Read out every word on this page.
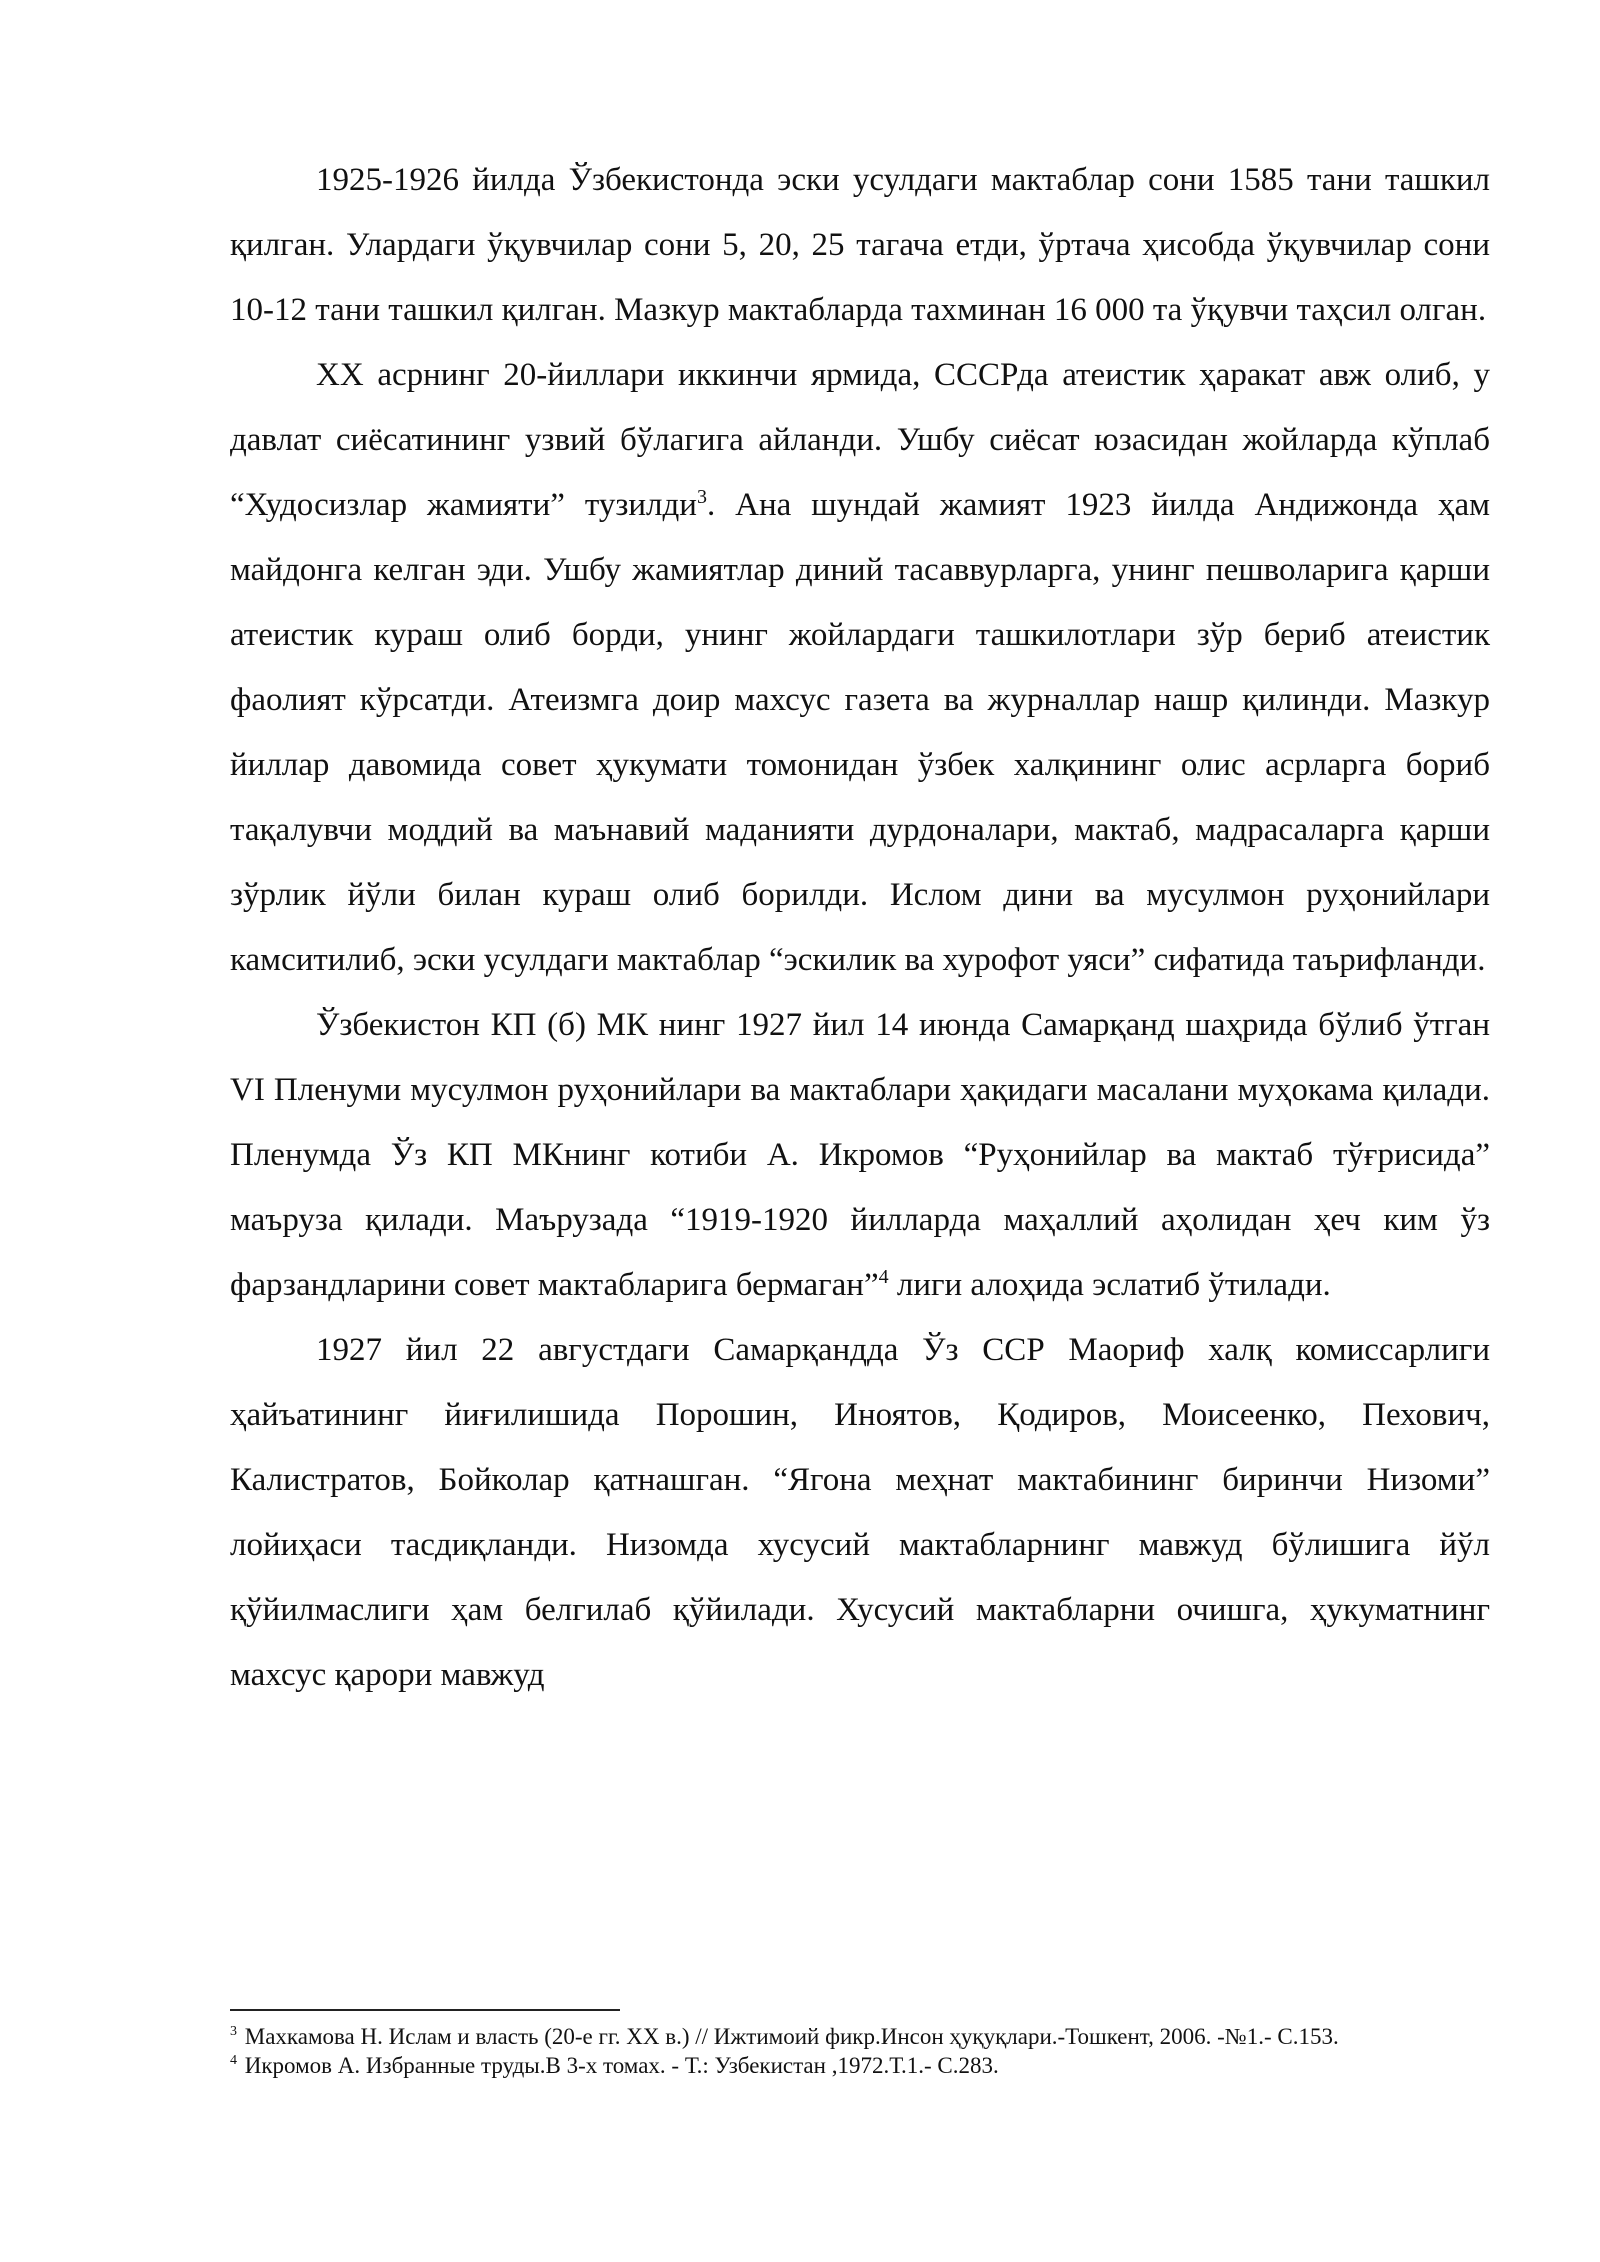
1925-1926 йилда Ўзбекистонда эски усулдаги мактаблар сони 1585 тани ташкил қилган. Улардаги ўқувчилар сони 5, 20, 25 тагача етди, ўртача ҳисобда ўқувчилар сони 10-12 тани ташкил қилган. Мазкур мактабларда тахминан 16 000 та ўқувчи таҳсил олган.

XX асрнинг 20-йиллари иккинчи ярмида, СССРда атеистик ҳаракат авж олиб, у давлат сиёсатининг узвий бўлагига айланди. Ушбу сиёсат юзасидан жойларда кўплаб “Худосизлар жамияти” тузилди$^3$. Ана шундай жамият 1923 йилда Андижонда ҳам майдонга келган эди. Ушбу жамиятлар диний тасаввурларга, унинг пешволарига қарши атеистик кураш олиб борди, унинг жойлардаги ташкилотлари зўр бериб атеистик фаолият кўрсатди. Атеизмга доир махсус газета ва журналлар нашр қилинди. Мазкур йиллар давомида совет ҳукумати томонидан ўзбек халқининг олис асрларга бориб тақалувчи моддий ва маънавий маданияти дурдоналари, мактаб, мадрасаларга қарши зўрлик йўли билан кураш олиб борилди. Ислом дини ва мусулмон руҳонийлари камситилиб, эски усулдаги мактаблар “эскилик ва хурофот уяси” сифатида таърифланди.

Ўзбекистон КП (б) МК нинг 1927 йил 14 июнда Самарқанд шаҳрида бўлиб ўтган VI Пленуми мусулмон руҳонийлари ва мактаблари ҳақидаги масалани муҳокама қилади. Пленумда Ўз КП МКнинг котиби А. Икромов “Руҳонийлар ва мактаб тўғрисида” маъруза қилади. Маърузада “1919-1920 йилларда маҳаллий аҳолидан ҳеч ким ўз фарзандларини совет мактабларига бермаган”$^4$ лиги алоҳида эслатиб ўтилади.

1927 йил 22 августдаги Самарқандда Ўз ССР Маориф халқ комиссарлиги ҳайъатининг йиғилишида Порошин, Иноятов, Қодиров, Моисеенко, Пехович, Калистратов, Бойколар қатнашган. “Ягона меҳнат мактабининг биринчи Низоми” лойиҳаси тасдиқланди. Низомда хусусий мактабларнинг мавжуд бўлишига йўл қўйилмаслиги ҳам белгилаб қўйилади. Хусусий мактабларни очишга, ҳукуматнинг махсус қарори мавжуд

$^3$ Махкамова Н. Ислам и власть (20-е гг. XX в.) // Ижтимоий фикр.Инсон ҳуқуқлари.-Тошкент, 2006. -№1.- С.153.

$^4$ Икромов А. Избранные труды.В 3-х томах. - Т.: Узбекистан ,1972.Т.1.- С.283.
